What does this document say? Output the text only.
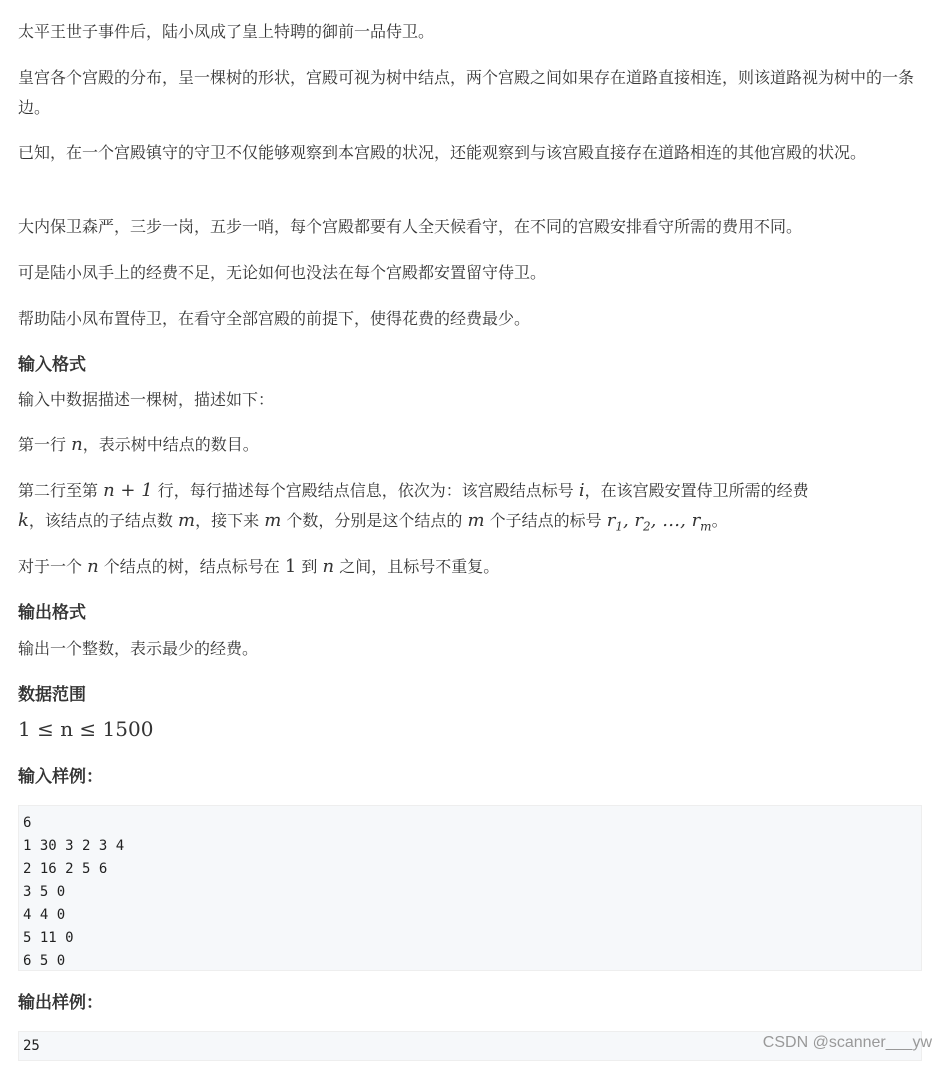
太平王世子事件后，陆小凤成了皇上特聘的御前一品侍卫。

皇宫各个宫殿的分布，呈一棵树的形状，宫殿可视为树中结点，两个宫殿之间如果存在道路直接相连，则该道路视为树中的一条边。

已知，在一个宫殿镇守的守卫不仅能够观察到本宫殿的状况，还能观察到与该宫殿直接存在道路相连的其他宫殿的状况。

大内保卫森严，三步一岗，五步一哨，每个宫殿都要有人全天候看守，在不同的宫殿安排看守所需的费用不同。

可是陆小凤手上的经费不足，无论如何也没法在每个宫殿都安置留守侍卫。

帮助陆小凤布置侍卫，在看守全部宫殿的前提下，使得花费的经费最少。

输入格式

输入中数据描述一棵树，描述如下：

第一行 n，表示树中结点的数目。

第二行至第 n + 1 行，每行描述每个宫殿结点信息，依次为：该宫殿结点标号 i，在该宫殿安置侍卫所需的经费
k，该结点的子结点数 m，接下来 m 个数，分别是这个结点的 m 个子结点的标号 $r_1$, $r_2$, …, $r_m$。

对于一个 n 个结点的树，结点标号在 1 到 n 之间，且标号不重复。

输出格式

输出一个整数，表示最少的经费。

数据范围
1 ≤ n ≤ 1500
输入样例：
6
1 30 3 2 3 4
2 16 2 5 6
3 5 0
4 4 0
5 11 0
6 5 0
输出样例：
25	CSDN @scanner___yw
